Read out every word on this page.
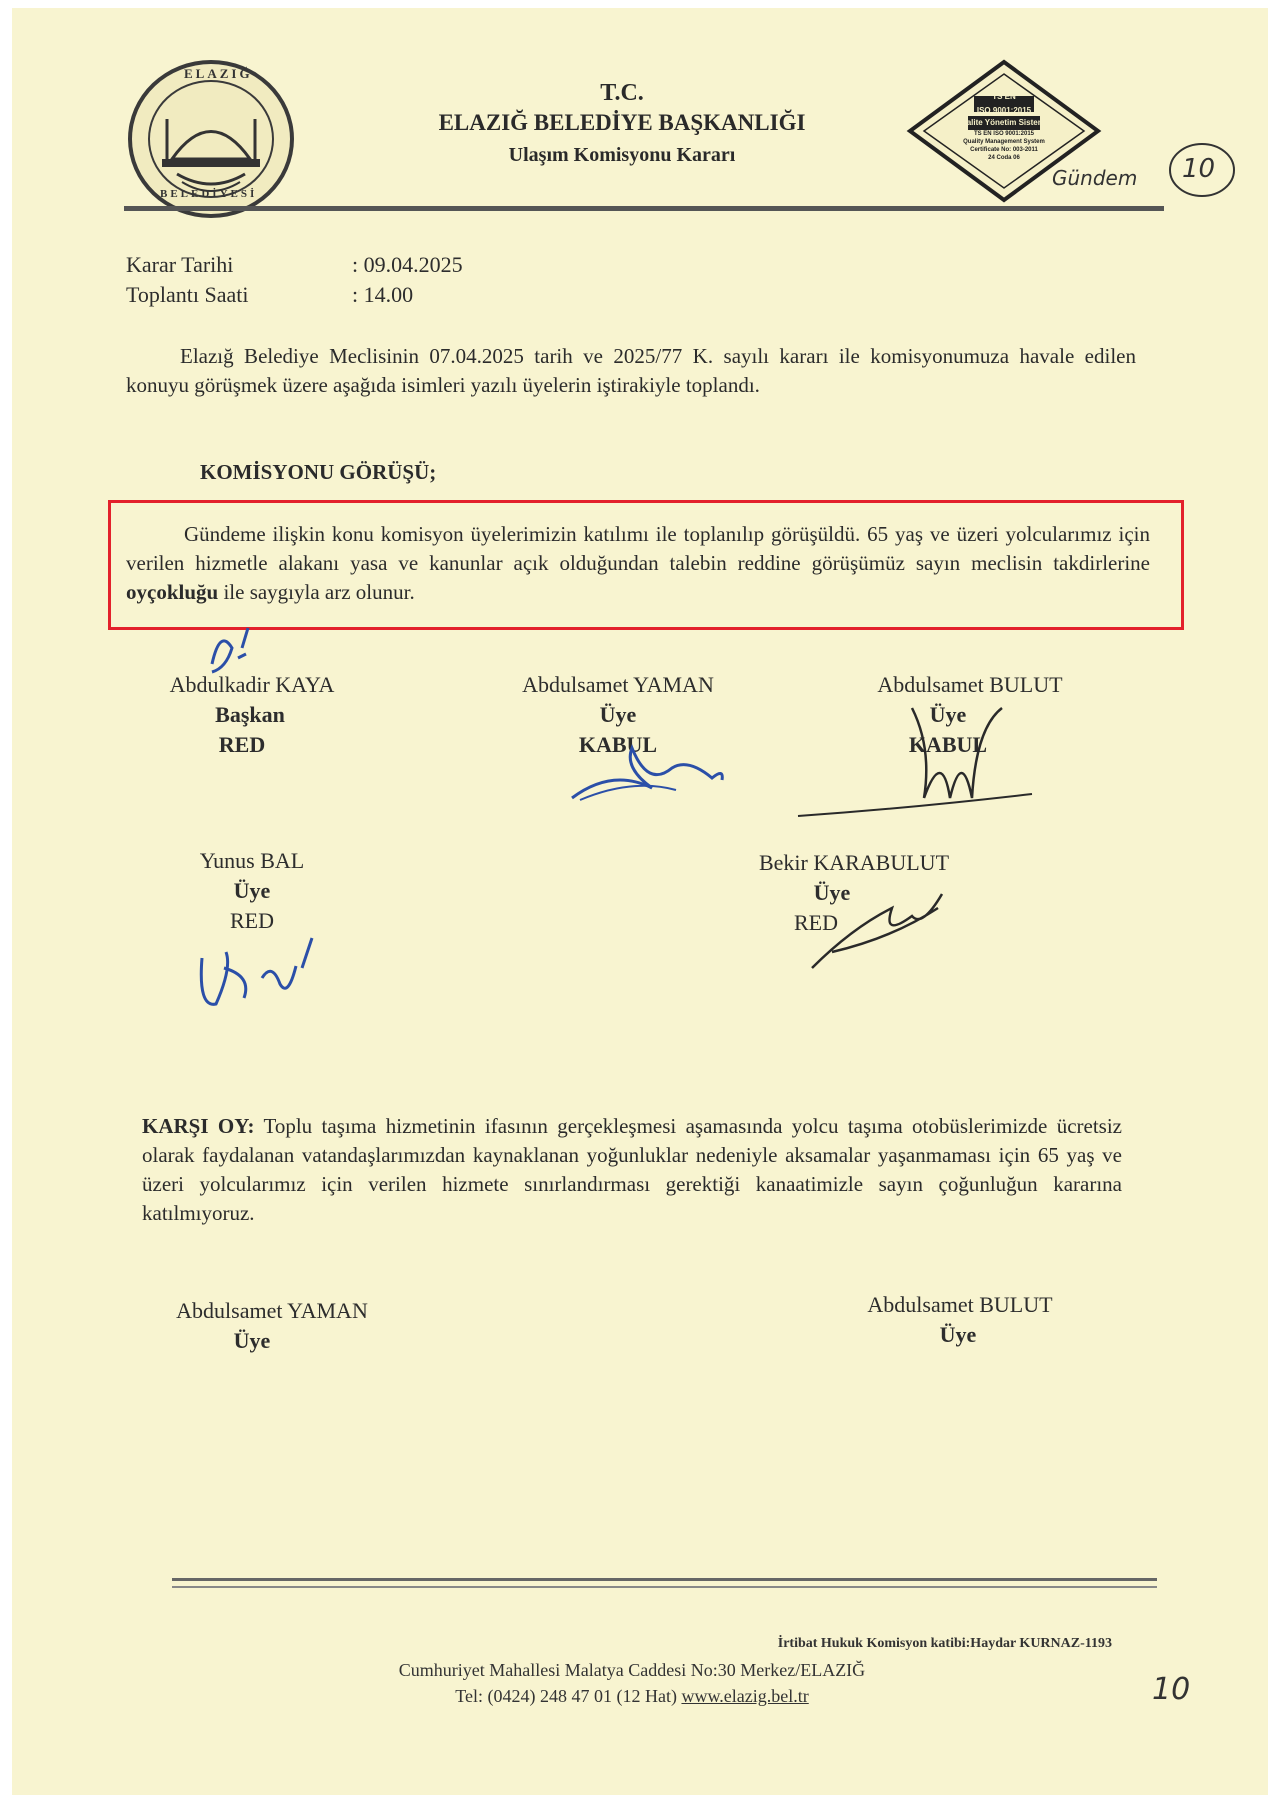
ELAZIĞ
BELEDİYESİ
T.C.
ELAZIĞ BELEDİYE BAŞKANLIĞI
Ulaşım Komisyonu Kararı
TS EN
ISO 9001:2015
Kalite Yönetim Sistemi
TS EN ISO 9001:2015
Quality Management System
Certificate No: 003-2011
24 Coda 06
Gündem 10
Karar Tarihi	: 09.04.2025
Toplantı Saati	: 14.00
Elazığ Belediye Meclisinin 07.04.2025 tarih ve 2025/77 K. sayılı kararı ile komisyonumuza havale edilen konuyu görüşmek üzere aşağıda isimleri yazılı üyelerin iştirakiyle toplandı.
KOMİSYONU GÖRÜŞÜ;
Gündeme ilişkin konu komisyon üyelerimizin katılımı ile toplanılıp görüşüldü. 65 yaş ve üzeri yolcularımız için verilen hizmetle alakanı yasa ve kanunlar açık olduğundan talebin reddine görüşümüz sayın meclisin takdirlerine oyçokluğu ile saygıyla arz olunur.
Abdulkadir KAYA
Başkan
RED
Abdulsamet YAMAN
Üye
KABUL
Abdulsamet BULUT
Üye
KABUL
Yunus BAL
Üye
RED
Bekir KARABULUT
Üye
RED
KARŞI OY: Toplu taşıma hizmetinin ifasının gerçekleşmesi aşamasında yolcu taşıma otobüslerimizde ücretsiz olarak faydalanan vatandaşlarımızdan kaynaklanan yoğunluklar nedeniyle aksamalar yaşanmaması için 65 yaş ve üzeri yolcularımız için verilen hizmete sınırlandırması gerektiği kanaatimizle sayın çoğunluğun kararına katılmıyoruz.
Abdulsamet YAMAN
Üye
Abdulsamet BULUT
Üye
İrtibat Hukuk Komisyon katibi:Haydar KURNAZ-1193
Cumhuriyet Mahallesi Malatya Caddesi No:30 Merkez/ELAZIĞ
Tel: (0424) 248 47 01 (12 Hat) www.elazig.bel.tr	10
